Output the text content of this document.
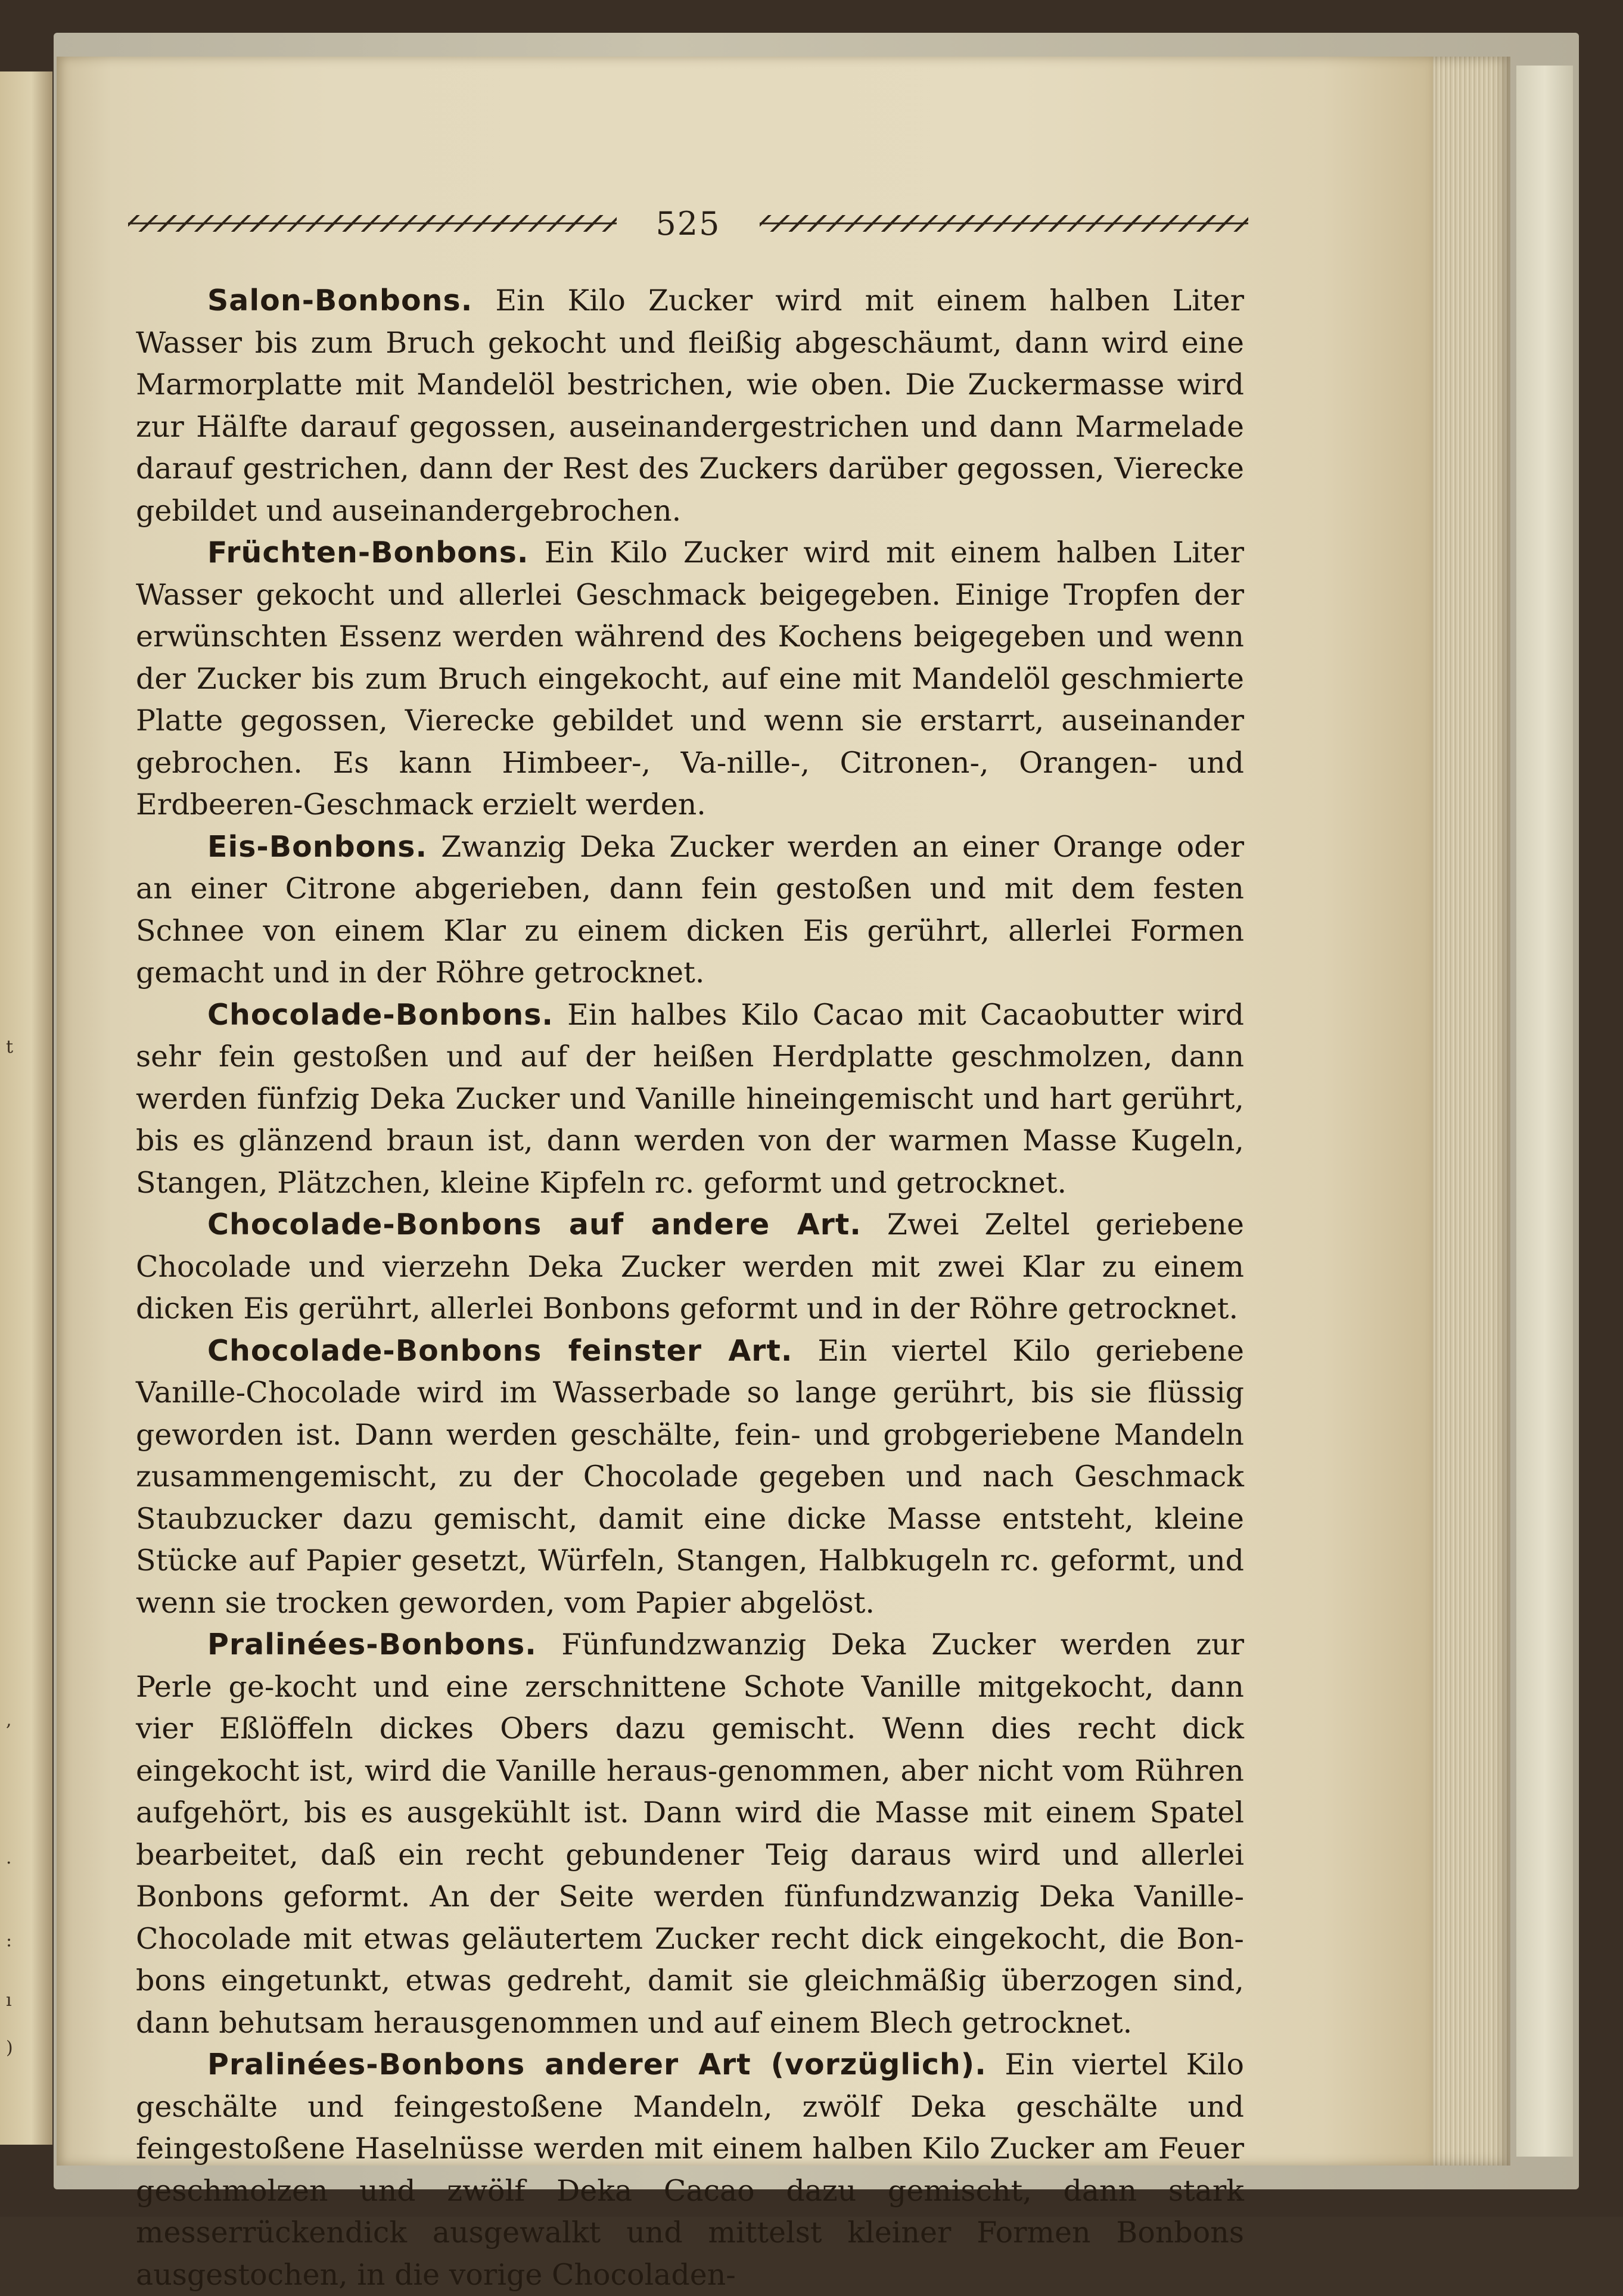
t
,
·
:
ı
)
525

Salon-Bonbons. Ein Kilo Zucker wird mit einem halben Liter Wasser bis zum Bruch gekocht und fleißig abgeschäumt, dann wird eine Marmorplatte mit Mandelöl bestrichen, wie oben. Die Zuckermasse wird zur Hälfte darauf gegossen, auseinandergestrichen und dann Marmelade darauf gestrichen, dann der Rest des Zuckers darüber gegossen, Vierecke gebildet und auseinandergebrochen.

Früchten-Bonbons. Ein Kilo Zucker wird mit einem halben Liter Wasser gekocht und allerlei Geschmack beigegeben. Einige Tropfen der erwünschten Essenz werden während des Kochens beigegeben und wenn der Zucker bis zum Bruch eingekocht, auf eine mit Mandelöl geschmierte Platte gegossen, Vierecke gebildet und wenn sie erstarrt, auseinander gebrochen. Es kann Himbeer-, Va-nille-, Citronen-, Orangen- und Erdbeeren-Geschmack erzielt werden.

Eis-Bonbons. Zwanzig Deka Zucker werden an einer Orange oder an einer Citrone abgerieben, dann fein gestoßen und mit dem festen Schnee von einem Klar zu einem dicken Eis gerührt, allerlei Formen gemacht und in der Röhre getrocknet.

Chocolade-Bonbons. Ein halbes Kilo Cacao mit Cacaobutter wird sehr fein gestoßen und auf der heißen Herdplatte geschmolzen, dann werden fünfzig Deka Zucker und Vanille hineingemischt und hart gerührt, bis es glänzend braun ist, dann werden von der warmen Masse Kugeln, Stangen, Plätzchen, kleine Kipfeln rc. geformt und getrocknet.

Chocolade-Bonbons auf andere Art. Zwei Zeltel geriebene Chocolade und vierzehn Deka Zucker werden mit zwei Klar zu einem dicken Eis gerührt, allerlei Bonbons geformt und in der Röhre getrocknet.

Chocolade-Bonbons feinster Art. Ein viertel Kilo geriebene Vanille-Chocolade wird im Wasserbade so lange gerührt, bis sie flüssig geworden ist. Dann werden geschälte, fein- und grobgeriebene Mandeln zusammengemischt, zu der Chocolade gegeben und nach Geschmack Staubzucker dazu gemischt, damit eine dicke Masse entsteht, kleine Stücke auf Papier gesetzt, Würfeln, Stangen, Halbkugeln rc. geformt, und wenn sie trocken geworden, vom Papier abgelöst.

Pralinées-Bonbons. Fünfundzwanzig Deka Zucker werden zur Perle ge-kocht und eine zerschnittene Schote Vanille mitgekocht, dann vier Eßlöffeln dickes Obers dazu gemischt. Wenn dies recht dick eingekocht ist, wird die Vanille heraus-genommen, aber nicht vom Rühren aufgehört, bis es ausgekühlt ist. Dann wird die Masse mit einem Spatel bearbeitet, daß ein recht gebundener Teig daraus wird und allerlei Bonbons geformt. An der Seite werden fünfundzwanzig Deka Vanille-Chocolade mit etwas geläutertem Zucker recht dick eingekocht, die Bon-bons eingetunkt, etwas gedreht, damit sie gleichmäßig überzogen sind, dann behutsam herausgenommen und auf einem Blech getrocknet.

Pralinées-Bonbons anderer Art (vorzüglich). Ein viertel Kilo geschälte und feingestoßene Mandeln, zwölf Deka geschälte und feingestoßene Haselnüsse werden mit einem halben Kilo Zucker am Feuer geschmolzen und zwölf Deka Cacao dazu gemischt, dann stark messerrückendick ausgewalkt und mittelst kleiner Formen Bonbons ausgestochen, in die vorige Chocoladen-
